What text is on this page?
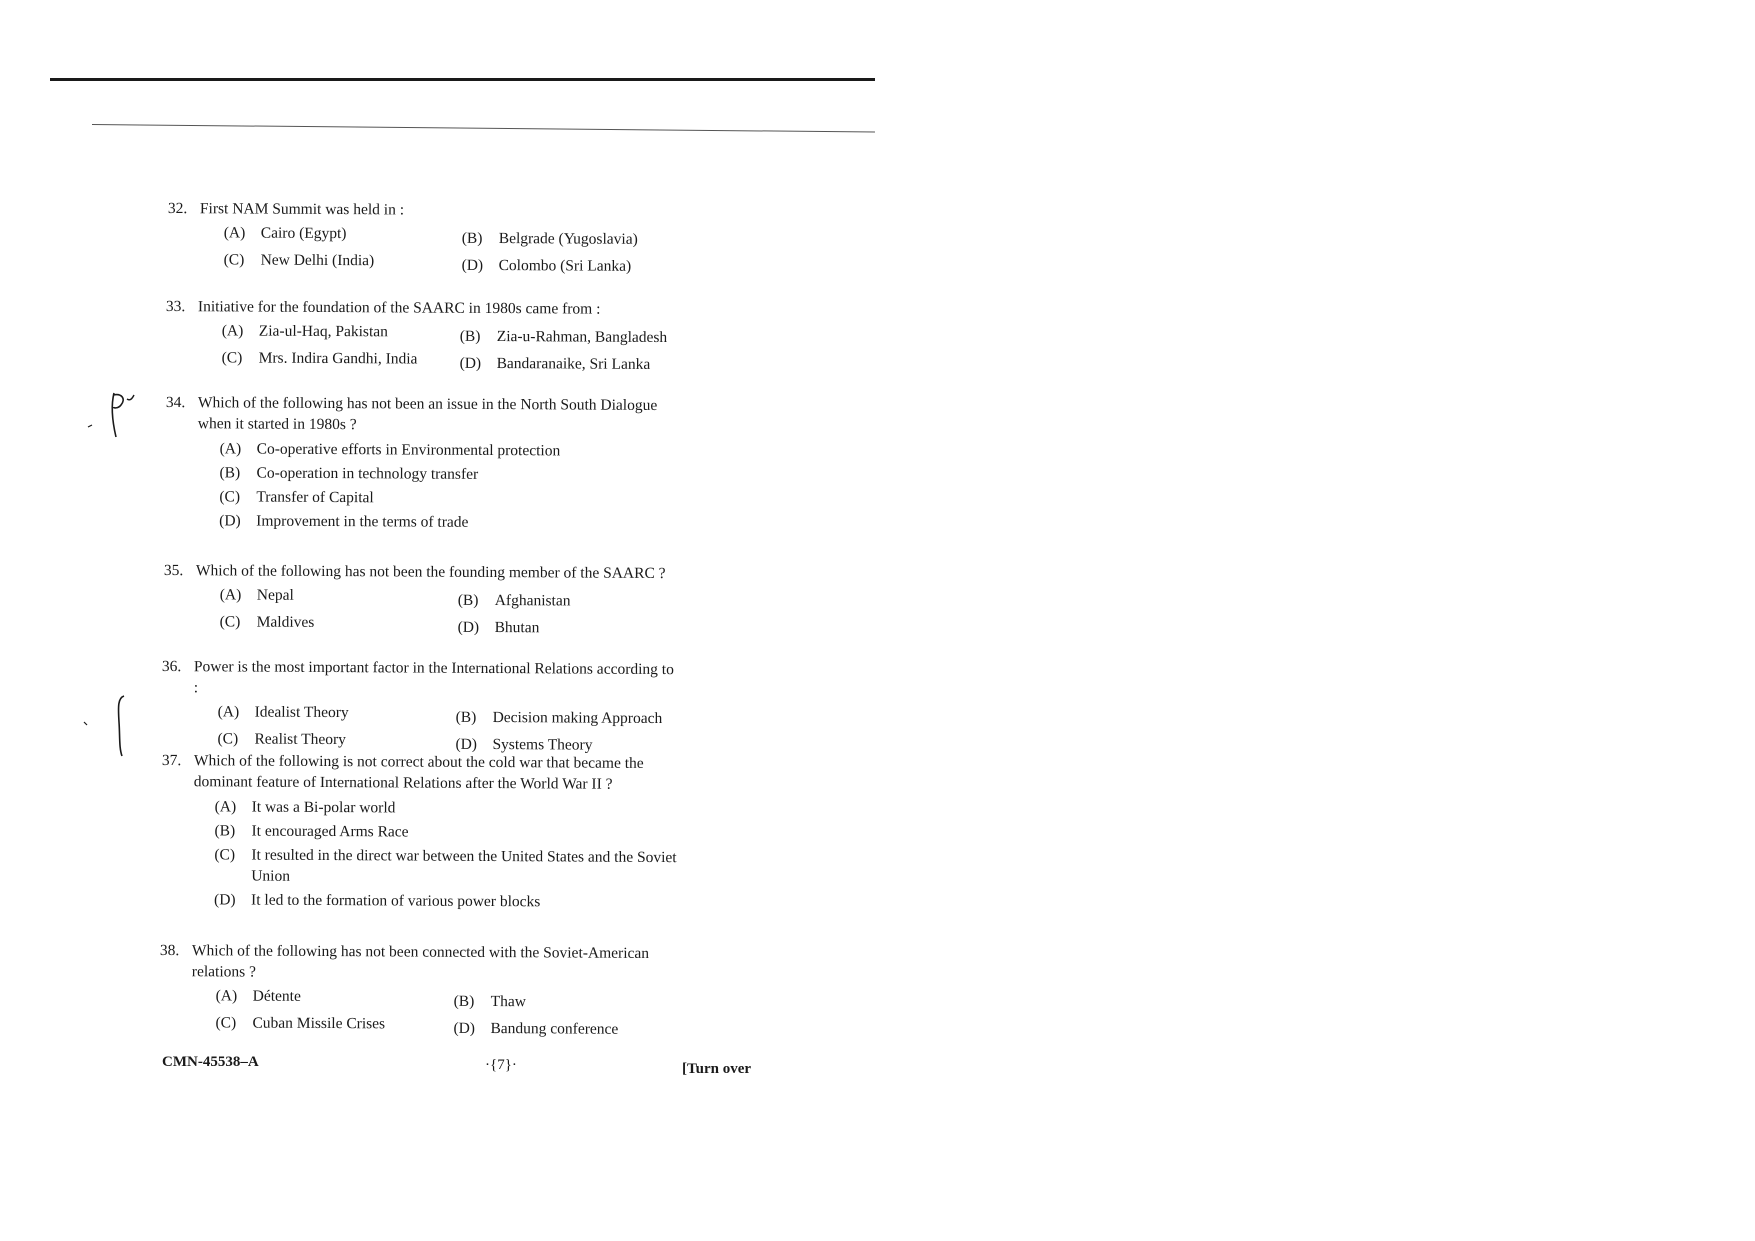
32. First NAM Summit was held in :
(A) Cairo (Egypt)	(B)	Belgrade (Yugoslavia)
(C)	New Delhi (India)	(D) Colombo (Sri Lanka)
33. Initiative for the foundation of the SAARC in 1980s came from :
(A) Zia-ul-Haq, Pakistan	(B)	Zia-u-Rahman, Bangladesh
(C)	Mrs. Indira Gandhi, India	(D) Bandaranaike, Sri Lanka
34. Which of the following has not been an issue in the North South Dialogue when it started in 1980s ?
(A) Co-operative efforts in Environmental protection
(B)	Co-operation in technology transfer
(C)	Transfer of Capital
(D) Improvement in the terms of trade
35. Which of the following has not been the founding member of the SAARC ?
(A) Nepal	(B)	Afghanistan
(C)	Maldives	(D) Bhutan
36. Power is the most important factor in the International Relations according to :
(A) Idealist Theory	(B)	Decision making Approach
(C)	Realist Theory	(D) Systems Theory
37. Which of the following is not correct about the cold war that became the dominant feature of International Relations after the World War II ?
(A) It was a Bi-polar world
(B)	It encouraged Arms Race
(C)	It resulted in the direct war between the United States and the Soviet Union
(D) It led to the formation of various power blocks
38. Which of the following has not been connected with the Soviet-American relations ?
(A) Détente	(B)	Thaw
(C)	Cuban Missile Crises	(D) Bandung conference
CMN-45538–A	·{7}·	[Turn over
